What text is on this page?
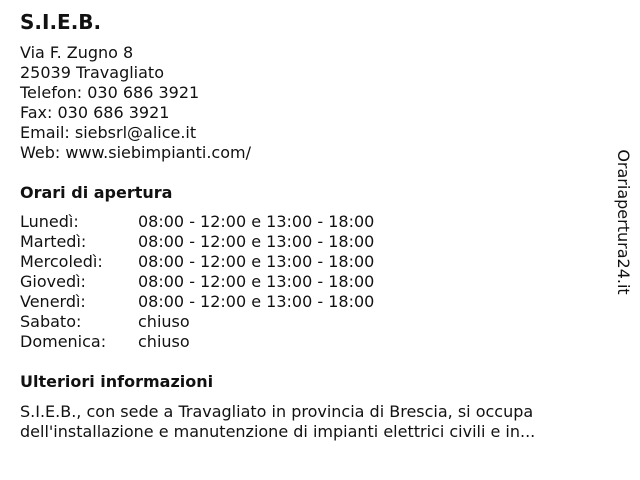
S.I.E.B.
Via F. Zugno 8
25039 Travagliato
Telefon: 030 686 3921
Fax: 030 686 3921
Email: siebsrl@alice.it
Web: www.siebimpianti.com/
Orari di apertura
Lunedì:	08:00 - 12:00 e 13:00 - 18:00
Martedì:	08:00 - 12:00 e 13:00 - 18:00
Mercoledì:	08:00 - 12:00 e 13:00 - 18:00
Giovedì:	08:00 - 12:00 e 13:00 - 18:00
Venerdì:	08:00 - 12:00 e 13:00 - 18:00
Sabato:	chiuso
Domenica:	chiuso
Ulteriori informazioni

S.I.E.B., con sede a Travagliato in provincia di Brescia, si occupa dell'installazione e manutenzione di impianti elettrici civili e in...

Orariapertura24.it
